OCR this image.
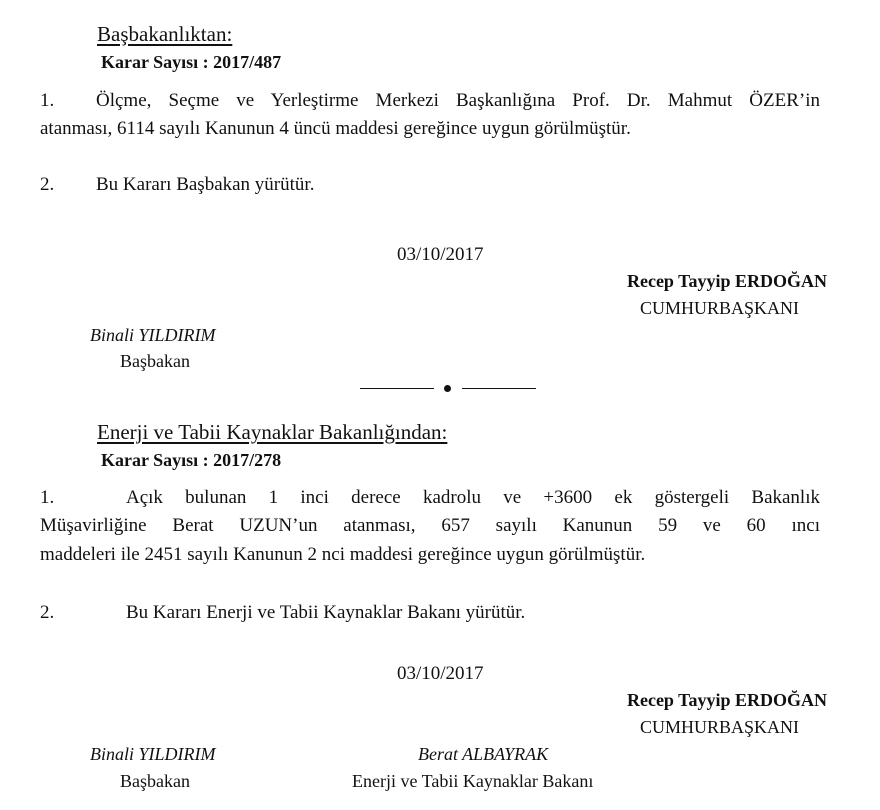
Başbakanlıktan:
Karar Sayısı : 2017/487
1. Ölçme, Seçme ve Yerleştirme Merkezi Başkanlığına Prof. Dr. Mahmut ÖZER’in
atanması, 6114 sayılı Kanunun 4 üncü maddesi gereğince uygun görülmüştür.
2. Bu Kararı Başbakan yürütür.
03/10/2017
Recep Tayyip ERDOĞAN
CUMHURBAŞKANI
Binali YILDIRIM
Başbakan
Enerji ve Tabii Kaynaklar Bakanlığından:
Karar Sayısı : 2017/278
1.	Açık bulunan 1 inci derece kadrolu ve +3600 ek göstergeli Bakanlık
Müşavirliğine Berat UZUN’un atanması, 657 sayılı Kanunun 59 ve 60 ıncı
maddeleri ile 2451 sayılı Kanunun 2 nci maddesi gereğince uygun görülmüştür.
2.	Bu Kararı Enerji ve Tabii Kaynaklar Bakanı yürütür.
03/10/2017
Recep Tayyip ERDOĞAN
CUMHURBAŞKANI
Binali YILDIRIM
Başbakan
Berat ALBAYRAK
Enerji ve Tabii Kaynaklar Bakanı
